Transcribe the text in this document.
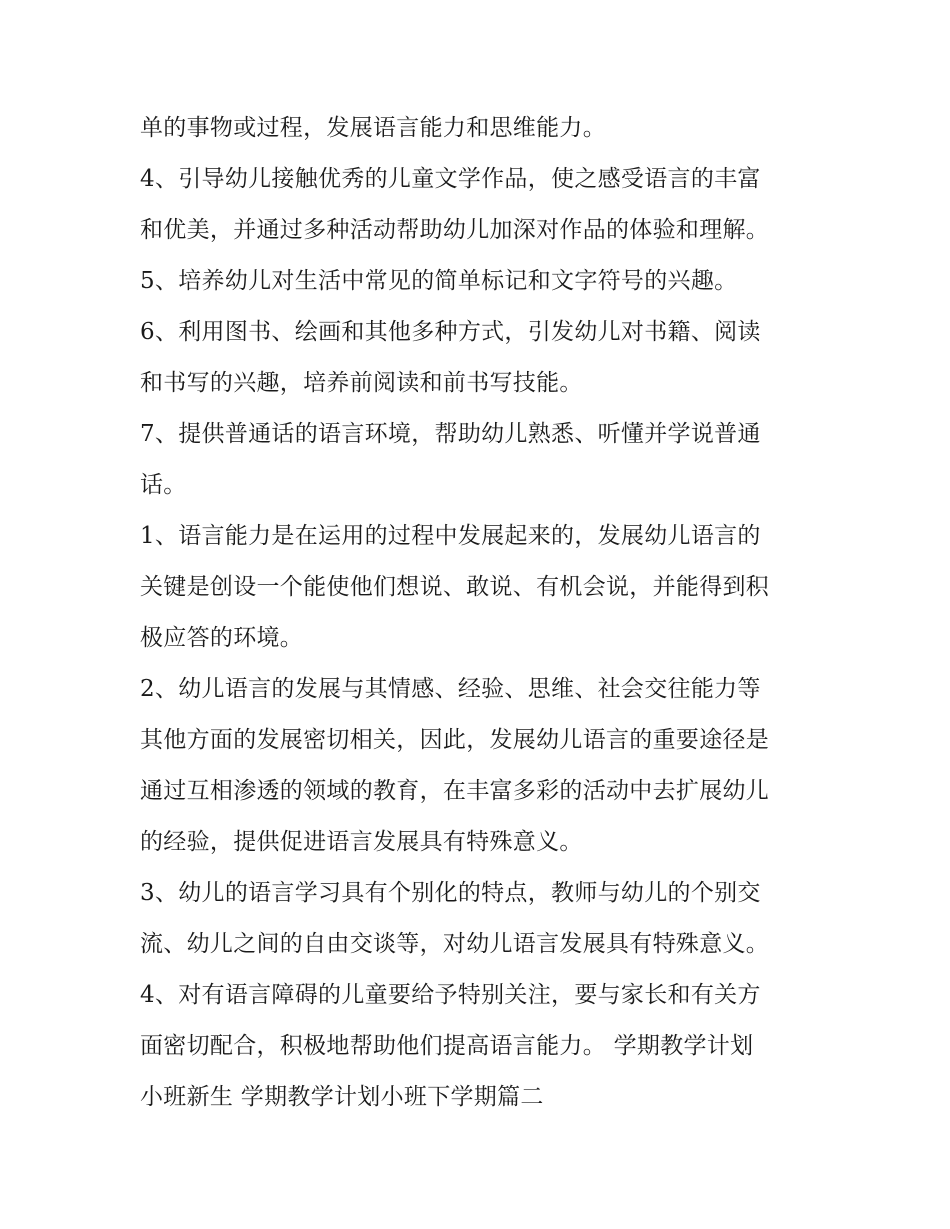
单的事物或过程，发展语言能力和思维能力。
4、引导幼儿接触优秀的儿童文学作品，使之感受语言的丰富
和优美，并通过多种活动帮助幼儿加深对作品的体验和理解。
5、培养幼儿对生活中常见的简单标记和文字符号的兴趣。
6、利用图书、绘画和其他多种方式，引发幼儿对书籍、阅读
和书写的兴趣，培养前阅读和前书写技能。
7、提供普通话的语言环境，帮助幼儿熟悉、听懂并学说普通
话。
1、语言能力是在运用的过程中发展起来的，发展幼儿语言的
关键是创设一个能使他们想说、敢说、有机会说，并能得到积
极应答的环境。
2、幼儿语言的发展与其情感、经验、思维、社会交往能力等
其他方面的发展密切相关，因此，发展幼儿语言的重要途径是
通过互相渗透的领域的教育，在丰富多彩的活动中去扩展幼儿
的经验，提供促进语言发展具有特殊意义。
3、幼儿的语言学习具有个别化的特点，教师与幼儿的个别交
流、幼儿之间的自由交谈等，对幼儿语言发展具有特殊意义。
4、对有语言障碍的儿童要给予特别关注，要与家长和有关方
面密切配合，积极地帮助他们提高语言能力。 学期教学计划
小班新生 学期教学计划小班下学期篇二
